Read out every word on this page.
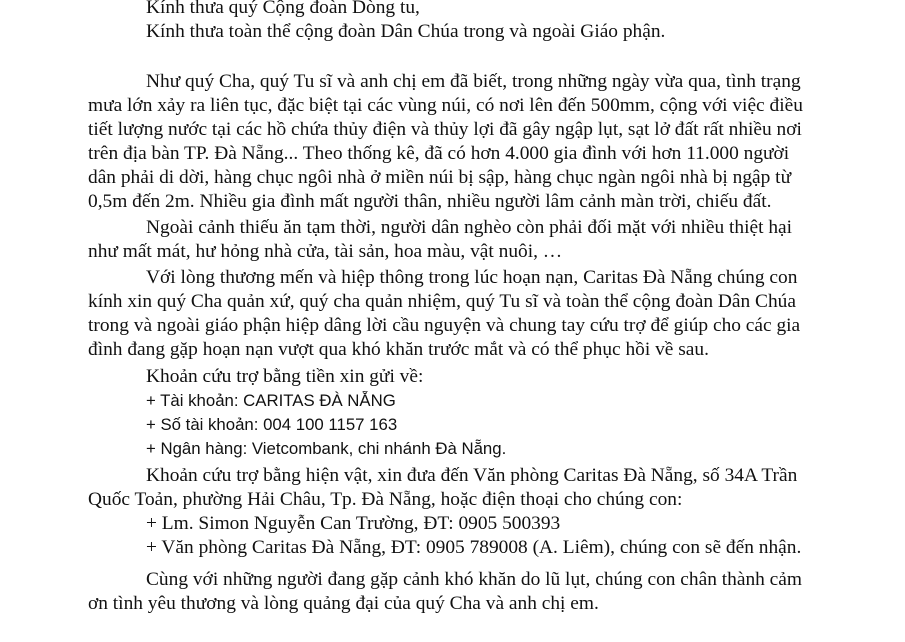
Kính thưa quý Cộng đoàn Dòng tu,
Kính thưa toàn thể cộng đoàn Dân Chúa trong và ngoài Giáo phận.
Như quý Cha, quý Tu sĩ và anh chị em đã biết, trong những ngày vừa qua, tình trạng
mưa lớn xảy ra liên tục, đặc biệt tại các vùng núi, có nơi lên đến 500mm, cộng với việc điều
tiết lượng nước tại các hồ chứa thủy điện và thủy lợi đã gây ngập lụt, sạt lở đất rất nhiều nơi
trên địa bàn TP. Đà Nẵng... Theo thống kê, đã có hơn 4.000 gia đình với hơn 11.000 người
dân phải di dời, hàng chục ngôi nhà ở miền núi bị sập, hàng chục ngàn ngôi nhà bị ngập từ
0,5m đến 2m. Nhiều gia đình mất người thân, nhiều người lâm cảnh màn trời, chiếu đất.
Ngoài cảnh thiếu ăn tạm thời, người dân nghèo còn phải đối mặt với nhiều thiệt hại
như mất mát, hư hỏng nhà cửa, tài sản, hoa màu, vật nuôi, …
Với lòng thương mến và hiệp thông trong lúc hoạn nạn, Caritas Đà Nẵng chúng con
kính xin quý Cha quản xứ, quý cha quản nhiệm, quý Tu sĩ và toàn thể cộng đoàn Dân Chúa
trong và ngoài giáo phận hiệp dâng lời cầu nguyện và chung tay cứu trợ để giúp cho các gia
đình đang gặp hoạn nạn vượt qua khó khăn trước mắt và có thể phục hồi về sau.
Khoản cứu trợ bằng tiền xin gửi về:
+ Tài khoản: CARITAS ĐÀ NẴNG
+ Số tài khoản: 004 100 1157 163
+ Ngân hàng: Vietcombank, chi nhánh Đà Nẵng.
Khoản cứu trợ bằng hiện vật, xin đưa đến Văn phòng Caritas Đà Nẵng, số 34A Trần
Quốc Toản, phường Hải Châu, Tp. Đà Nẵng, hoặc điện thoại cho chúng con:
+ Lm. Simon Nguyễn Can Trường, ĐT: 0905 500393
+ Văn phòng Caritas Đà Nẵng, ĐT: 0905 789008 (A. Liêm), chúng con sẽ đến nhận.
Cùng với những người đang gặp cảnh khó khăn do lũ lụt, chúng con chân thành cảm
ơn tình yêu thương và lòng quảng đại của quý Cha và anh chị em.
